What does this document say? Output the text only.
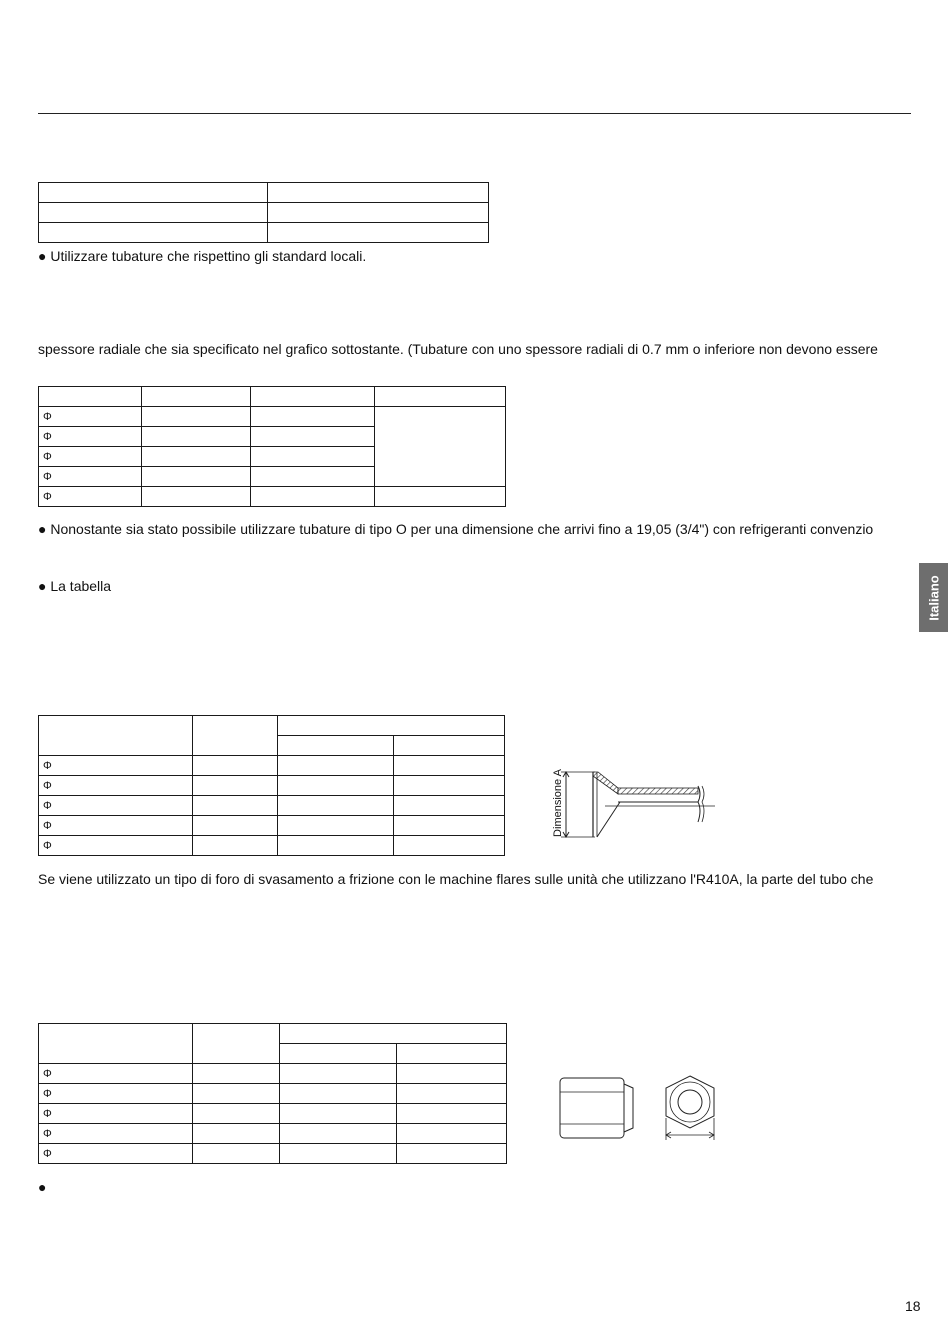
● Utilizzare tubature che rispettino gli standard locali.
spessore radiale che sia specificato nel grafico sottostante. (Tubature con uno spessore radiali di 0.7 mm o inferiore non devono essere

Φ			
Φ			
Φ			
Φ			
Φ			
● Nonostante sia stato possibile utilizzare tubature di tipo O per una dimensione che arrivi fino a 19,05 (3/4") con refrigeranti convenzio
● La tabella	Italiano

Φ			
Φ			
Φ			
Φ			
Φ			
Dimensione A
Se viene utilizzato un tipo di foro di svasamento a frizione con le machine flares sulle unità che utilizzano l'R410A, la parte del tubo che

Φ			
Φ			
Φ			
Φ			
Φ			
●
18
